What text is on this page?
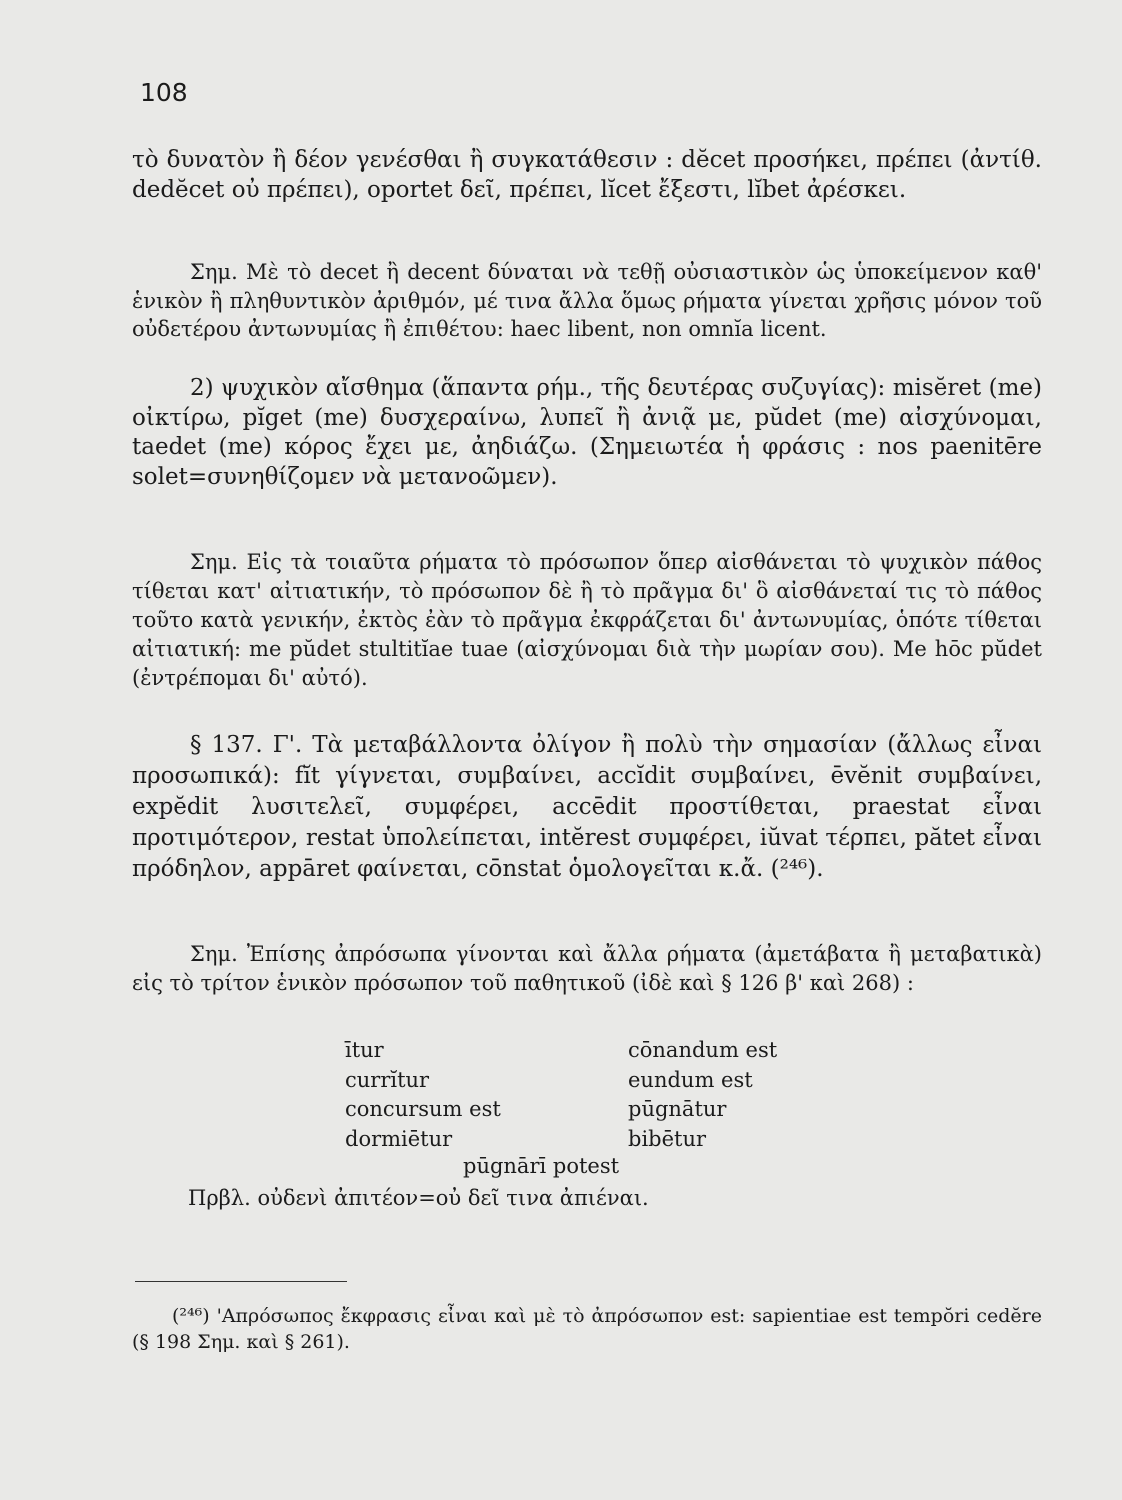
108

τὸ δυνατὸν ἢ δέον γενέσθαι ἢ συγκατάθεσιν : dĕcet προσήκει, πρέπει (ἀντίθ. dedĕcet οὐ πρέπει), oportet δεῖ, πρέπει, lĭcet ἔξεστι, lĭbet ἀρέσκει.

Σημ. Μὲ τὸ decet ἢ decent δύναται νὰ τεθῇ οὐσιαστικὸν ὡς ὑποκείμενον καθ' ἑνικὸν ἢ πληθυντικὸν ἀριθμόν, μέ τινα ἄλλα ὅμως ρήματα γίνεται χρῆσις μόνον τοῦ οὐδετέρου ἀντωνυμίας ἢ ἐπιθέτου: haec libent, non omnĭa licent.

2) ψυχικὸν αἴσθημα (ἅπαντα ρήμ., τῆς δευτέρας συζυγίας): misĕret (me) οἰκτίρω, pĭget (me) δυσχεραίνω, λυπεῖ ἢ ἀνιᾷ με, pŭdet (me) αἰσχύνομαι, taedet (me) κόρος ἔχει με, ἀηδιάζω. (Σημειωτέα ἡ φράσις : nos paenitēre solet=συνηθίζομεν νὰ μετανοῶμεν).

Σημ. Εἰς τὰ τοιαῦτα ρήματα τὸ πρόσωπον ὅπερ αἰσθάνεται τὸ ψυχικὸν πάθος τίθεται κατ' αἰτιατικήν, τὸ πρόσωπον δὲ ἢ τὸ πρᾶγμα δι' ὃ αἰσθάνεταί τις τὸ πάθος τοῦτο κατὰ γενικήν, ἐκτὸς ἐὰν τὸ πρᾶγμα ἐκφράζεται δι' ἀντωνυμίας, ὁπότε τίθεται αἰτιατική: me pŭdet stultitĭae tuae (αἰσχύνομαι διὰ τὴν μωρίαν σου). Me hōc pŭdet (ἐντρέπομαι δι' αὐτό).

§ 137. Γ'. Τὰ μεταβάλλοντα ὀλίγον ἢ πολὺ τὴν σημασίαν (ἄλλως εἶναι προσωπικά): fĭt γίγνεται, συμβαίνει, accĭdit συμβαίνει, ēvĕnit συμβαίνει, expĕdit λυσιτελεῖ, συμφέρει, accēdit προστίθεται, praestat εἶναι προτιμότερον, restat ὑπολείπεται, intĕrest συμφέρει, iŭvat τέρπει, pătet εἶναι πρόδηλον, appāret φαίνεται, cōnstat ὁμολογεῖται κ.ἄ. (²⁴⁶).

Σημ. Ἐπίσης ἀπρόσωπα γίνονται καὶ ἄλλα ρήματα (ἀμετάβατα ἢ μεταβατικὰ) εἰς τὸ τρίτον ἑνικὸν πρόσωπον τοῦ παθητικοῦ (ἰδὲ καὶ § 126 β' καὶ 268) :

ītur
currĭtur
concursum est
dormiētur
cōnandum est
eundum est
pūgnātur
bibētur
pūgnārī potest
Πρβλ. οὐδενὶ ἀπιτέον=οὐ δεῖ τινα ἀπιέναι.
(²⁴⁶) 'Απρόσωπος ἔκφρασις εἶναι καὶ μὲ τὸ ἀπρόσωπον est: sapientiae est tempŏri cedĕre (§ 198 Σημ. καὶ § 261).
